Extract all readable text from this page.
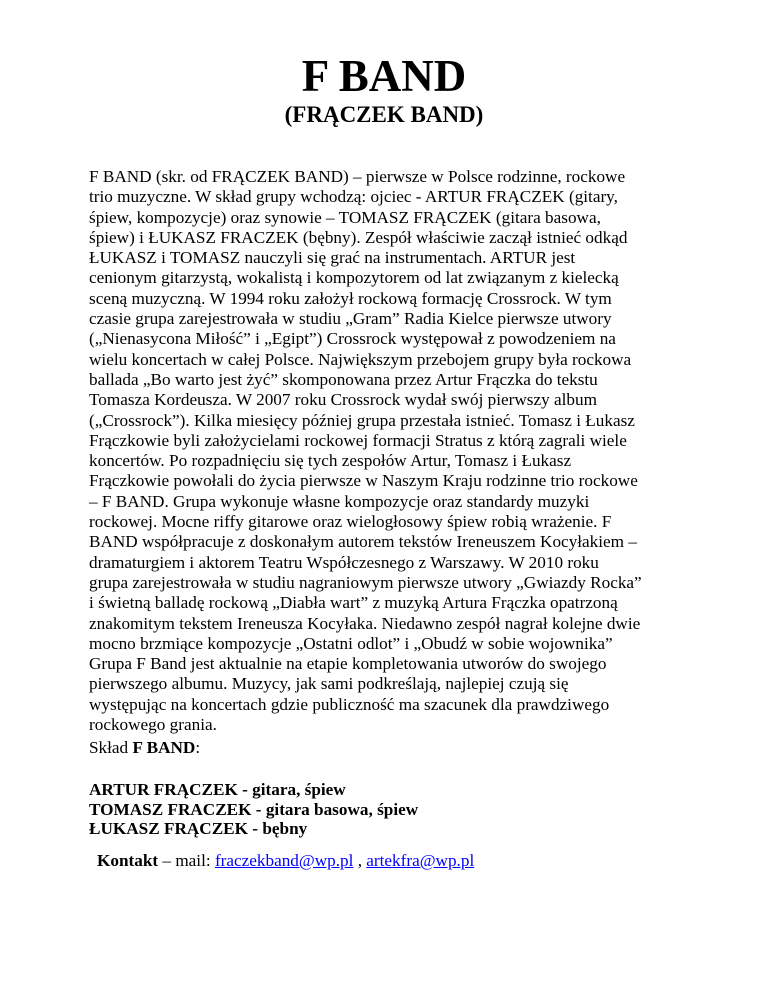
F BAND
(FRĄCZEK BAND)
F BAND (skr. od FRĄCZEK BAND) – pierwsze w Polsce rodzinne, rockowe
trio muzyczne. W skład grupy wchodzą: ojciec - ARTUR FRĄCZEK (gitary,
śpiew, kompozycje) oraz synowie – TOMASZ FRĄCZEK (gitara basowa,
śpiew) i ŁUKASZ FRACZEK (bębny). Zespół właściwie zaczął istnieć odkąd
ŁUKASZ i TOMASZ nauczyli się grać na instrumentach. ARTUR jest
cenionym gitarzystą, wokalistą i kompozytorem od lat związanym z kielecką
sceną muzyczną. W 1994 roku założył rockową formację Crossrock. W tym
czasie grupa zarejestrowała w studiu „Gram” Radia Kielce pierwsze utwory
(„Nienasycona Miłość” i „Egipt”) Crossrock występował z powodzeniem na
wielu koncertach w całej Polsce. Największym przebojem grupy była rockowa
ballada „Bo warto jest żyć” skomponowana przez Artur Frączka do tekstu
Tomasza Kordeusza. W 2007 roku Crossrock wydał swój pierwszy album
(„Crossrock”). Kilka miesięcy później grupa przestała istnieć. Tomasz i Łukasz
Frączkowie byli założycielami rockowej formacji Stratus z którą zagrali wiele
koncertów. Po rozpadnięciu się tych zespołów Artur, Tomasz i Łukasz
Frączkowie powołali do życia pierwsze w Naszym Kraju rodzinne trio rockowe
– F BAND. Grupa wykonuje własne kompozycje oraz standardy muzyki
rockowej. Mocne riffy gitarowe oraz wielogłosowy śpiew robią wrażenie. F
BAND współpracuje z doskonałym autorem tekstów Ireneuszem Kocyłakiem –
dramaturgiem i aktorem Teatru Współczesnego z Warszawy. W 2010 roku
grupa zarejestrowała w studiu nagraniowym pierwsze utwory „Gwiazdy Rocka”
i świetną balladę rockową „Diabła wart” z muzyką Artura Frączka opatrzoną
znakomitym tekstem Ireneusza Kocyłaka. Niedawno zespół nagrał kolejne dwie
mocno brzmiące kompozycje „Ostatni odlot” i „Obudź w sobie wojownika”
Grupa F Band jest aktualnie na etapie kompletowania utworów do swojego
pierwszego albumu. Muzycy, jak sami podkreślają, najlepiej czują się
występując na koncertach gdzie publiczność ma szacunek dla prawdziwego
rockowego grania.
Skład F BAND:
ARTUR FRĄCZEK - gitara, śpiew
TOMASZ FRACZEK - gitara basowa, śpiew
ŁUKASZ FRĄCZEK - bębny
Kontakt – mail: fraczekband@wp.pl , artekfra@wp.pl
